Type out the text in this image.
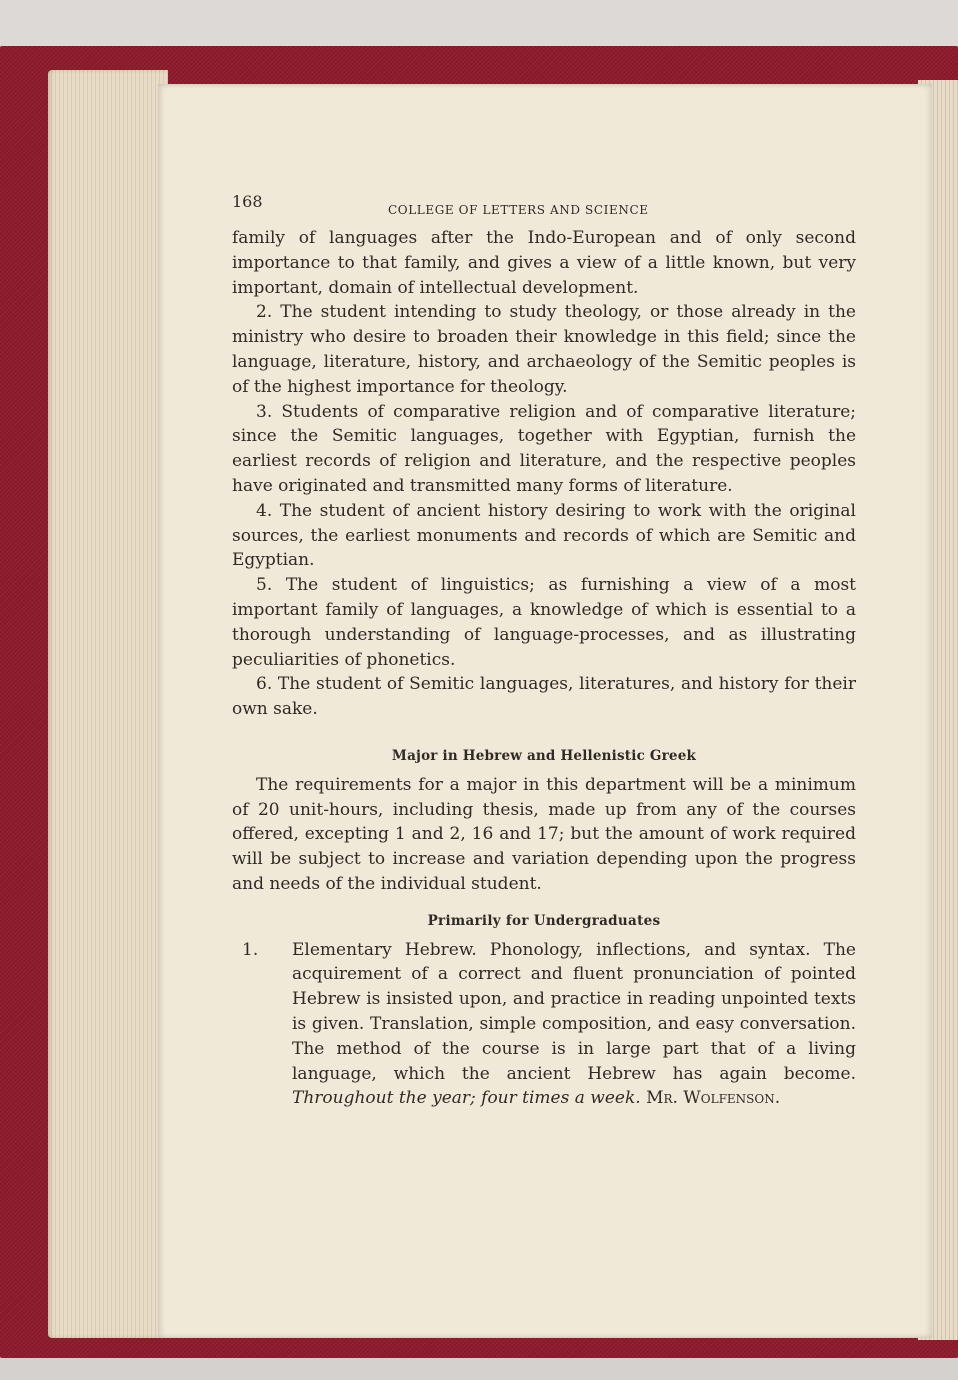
168	COLLEGE OF LETTERS AND SCIENCE

family of languages after the Indo-European and of only second importance to that family, and gives a view of a little known, but very important, domain of intellectual development.

2. The student intending to study theology, or those already in the ministry who desire to broaden their knowledge in this field; since the language, literature, history, and archaeology of the Semitic peoples is of the highest importance for theology.

3. Students of comparative religion and of comparative literature; since the Semitic languages, together with Egyptian, furnish the earliest records of religion and literature, and the respective peoples have originated and transmitted many forms of literature.

4. The student of ancient history desiring to work with the original sources, the earliest monuments and records of which are Semitic and Egyptian.

5. The student of linguistics; as furnishing a view of a most important family of languages, a knowledge of which is essential to a thorough understanding of language-processes, and as illustrating peculiarities of phonetics.

6. The student of Semitic languages, literatures, and history for their own sake.

Major in Hebrew and Hellenistic Greek

The requirements for a major in this department will be a minimum of 20 unit-hours, including thesis, made up from any of the courses offered, excepting 1 and 2, 16 and 17; but the amount of work required will be subject to increase and variation depending upon the progress and needs of the individual student.

Primarily for Undergraduates
1. Elementary Hebrew. Phonology, inflections, and syntax. The acquirement of a correct and fluent pronunciation of pointed Hebrew is insisted upon, and practice in reading unpointed texts is given. Translation, simple composition, and easy conversation. The method of the course is in large part that of a living language, which the ancient Hebrew has again become. Throughout the year; four times a week. Mr. Wolfenson.
